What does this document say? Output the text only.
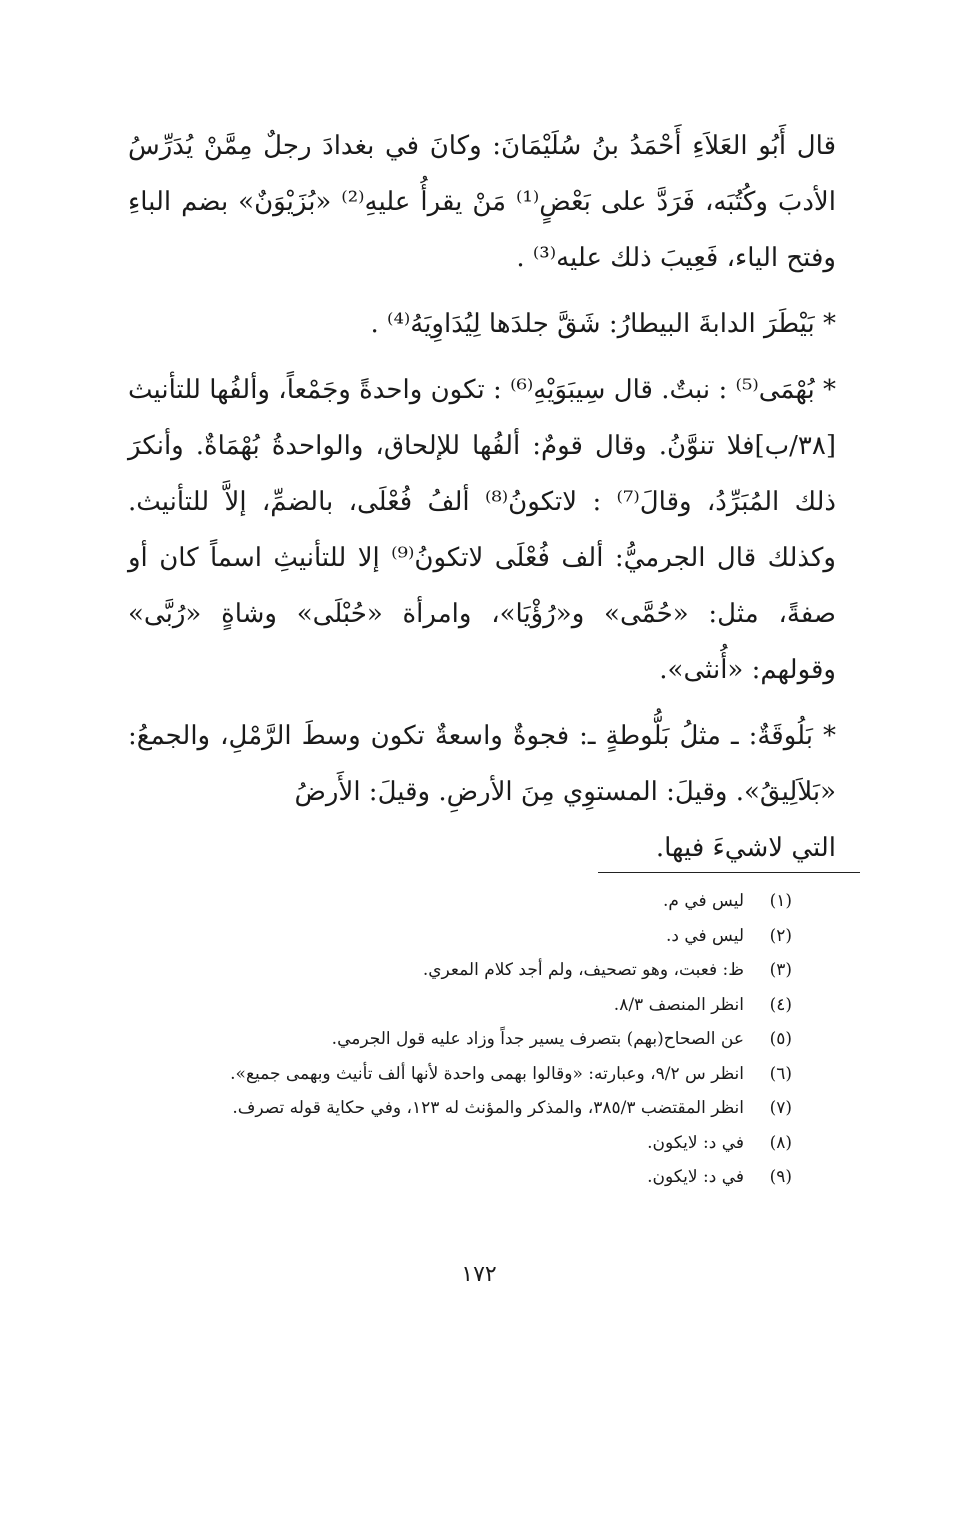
قال أَبُو العَلاَءِ أَحْمَدُ بنُ سُلَيْمَانَ: وكانَ في بغدادَ رجلٌ مِمَّنْ يُدَرِّسُ الأدبَ وكُتُبَه، فَرَدَّ على بَعْضٍ⁽¹⁾ مَنْ يقرأُ عليهِ⁽²⁾ «بُزَيْوَنٌ» بضم الباءِ وفتح الياء، فَعِيبَ ذلك عليه⁽³⁾ .

* بَيْطَرَ الدابةَ البيطارُ: شَقَّ جلدَها لِيُدَاوِيَهُ⁽⁴⁾ .

* بُهْمَى⁽⁵⁾ : نبتٌ. قال سِيبَوَيْهِ⁽⁶⁾ : تكون واحدةً وجَمْعاً، وألفُها للتأنيث [٣٨/ب]فلا تنوَّنُ. وقال قومٌ: ألفُها للإلحاق، والواحدةُ بُهْمَاةٌ. وأنكرَ ذلك المُبَرِّدُ، وقالَ⁽⁷⁾ : لاتكونُ⁽⁸⁾ ألفُ فُعْلَى، بالضمِّ، إلاَّ للتأنيث. وكذلك قال الجرميُّ: ألف فُعْلَى لاتكونُ⁽⁹⁾ إلا للتأنيثِ اسماً كان أو صفةً، مثل: «حُمَّى» و«رُؤْيَا»، وامرأة «حُبْلَى» وشاةٍ «رُبَّى» وقولهم: «أُنثى».

* بَلُوقَةٌ: ـ مثلُ بَلُّوطةٍ ـ: فجوةٌ واسعةٌ تكون وسطَ الرَّمْلِ، والجمعُ: «بَلاَلِيقُ». وقيلَ: المستوِي مِنَ الأرضِ. وقيلَ: الأَرضُ

التي لاشيءَ فيها.

(١)ليس في م.
(٢)ليس في د.
(٣)ظ: فعبت، وهو تصحيف، ولم أجد كلام المعري.
(٤)انظر المنصف ٨/٣.
(٥)عن الصحاح(بهم) بتصرف يسير جداً وزاد عليه قول الجرمي.
(٦)انظر س ٩/٢، وعبارته: «وقالوا بهمى واحدة لأنها ألف تأنيث وبهمى جميع».
(٧)انظر المقتضب ٣٨٥/٣، والمذكر والمؤنث له ١٢٣، وفي حكاية قوله تصرف.
(٨)في د: لايكون.
(٩)في د: لايكون.
١٧٢
